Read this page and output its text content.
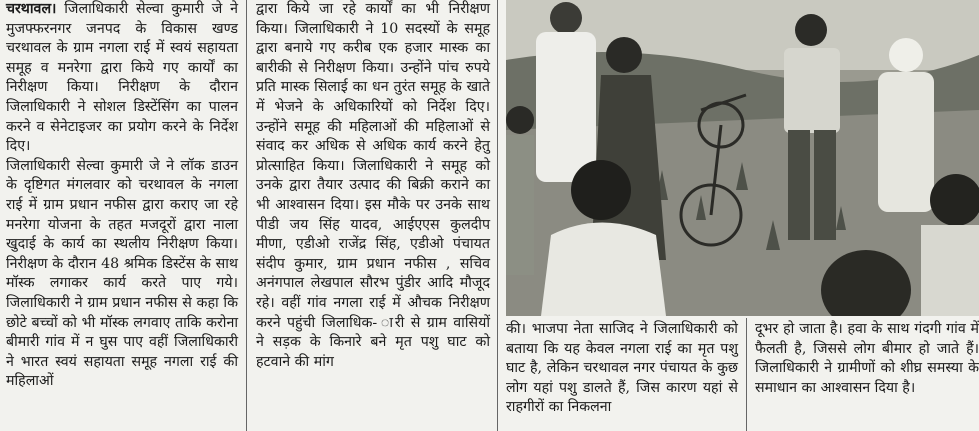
चरथावल। जिलाधिकारी सेल्वा कुमारी जे ने मुजफ्फरनगर जनपद के विकास खण्ड चरथावल के ग्राम नगला राई में स्वयं सहायता समूह व मनरेगा द्वारा किये गए कार्यों का निरीक्षण किया। निरीक्षण के दौरान जिलाधिकारी ने सोशल डिस्टेंसिंग का पालन करने व सेनेटाइजर का प्रयोग करने के निर्देश दिए।

जिलाधिकारी सेल्वा कुमारी जे ने लॉक डाउन के दृष्टिगत मंगलवार को चरथावल के नगला राई में ग्राम प्रधान नफीस द्वारा कराए जा रहे मनरेगा योजना के तहत मजदूरों द्वारा नाला खुदाई के कार्य का स्थलीय निरीक्षण किया। निरीक्षण के दौरान 48 श्रमिक डिस्टेंस के साथ मॉस्क लगाकर कार्य करते पाए गये। जिलाधिकारी ने ग्राम प्रधान नफीस से कहा कि छोटे बच्चों को भी मॉस्क लगवाए ताकि करोना बीमारी गांव में न घुस पाए वहीं जिलाधिकारी ने भारत स्वयं सहायता समूह नगला राई की महिलाओं

द्वारा किये जा रहे कार्यों का भी निरीक्षण किया। जिलाधिकारी ने 10 सदस्यों के समूह द्वारा बनाये गए करीब एक हजार मास्क का बारीकी से निरीक्षण किया। उन्होंने पांच रुपये प्रति मास्क सिलाई का धन तुरंत समूह के खाते में भेजने के अधिकारियों को निर्देश दिए। उन्होंने समूह की महिलाओं की महिलाओं से संवाद कर अधिक से अधिक कार्य करने हेतु प्रोत्साहित किया। जिलाधिकारी ने समूह को उनके द्वारा तैयार उत्पाद की बिक्री कराने का भी आश्वासन दिया। इस मौके पर उनके साथ पीडी जय सिंह यादव, आईएएस कुलदीप मीणा, एडीओ राजेंद्र सिंह, एडीओ पंचायत संदीप कुमार, ग्राम प्रधान नफीस , सचिव अनंगपाल लेखपाल सौरभ पुंडीर आदि मौजूद रहे। वहीं गांव नगला राई में औचक निरीक्षण करने पहुंची जिलाधिक- ारी से ग्राम वासियों ने सड़क के किनारे बने मृत पशु घाट को हटवाने की मांग

की। भाजपा नेता साजिद ने जिलाधिकारी को बताया कि यह केवल नगला राई का मृत पशु घाट है, लेकिन चरथावल नगर पंचायत के कुछ लोग यहां पशु डालते हैं, जिस कारण यहां से राहगीरों का निकलना

दूभर हो जाता है। हवा के साथ गंदगी गांव में फैलती है, जिससे लोग बीमार हो जाते हैं। जिलाधिकारी ने ग्रामीणों को शीघ्र समस्या के समाधान का आश्वासन दिया है।
